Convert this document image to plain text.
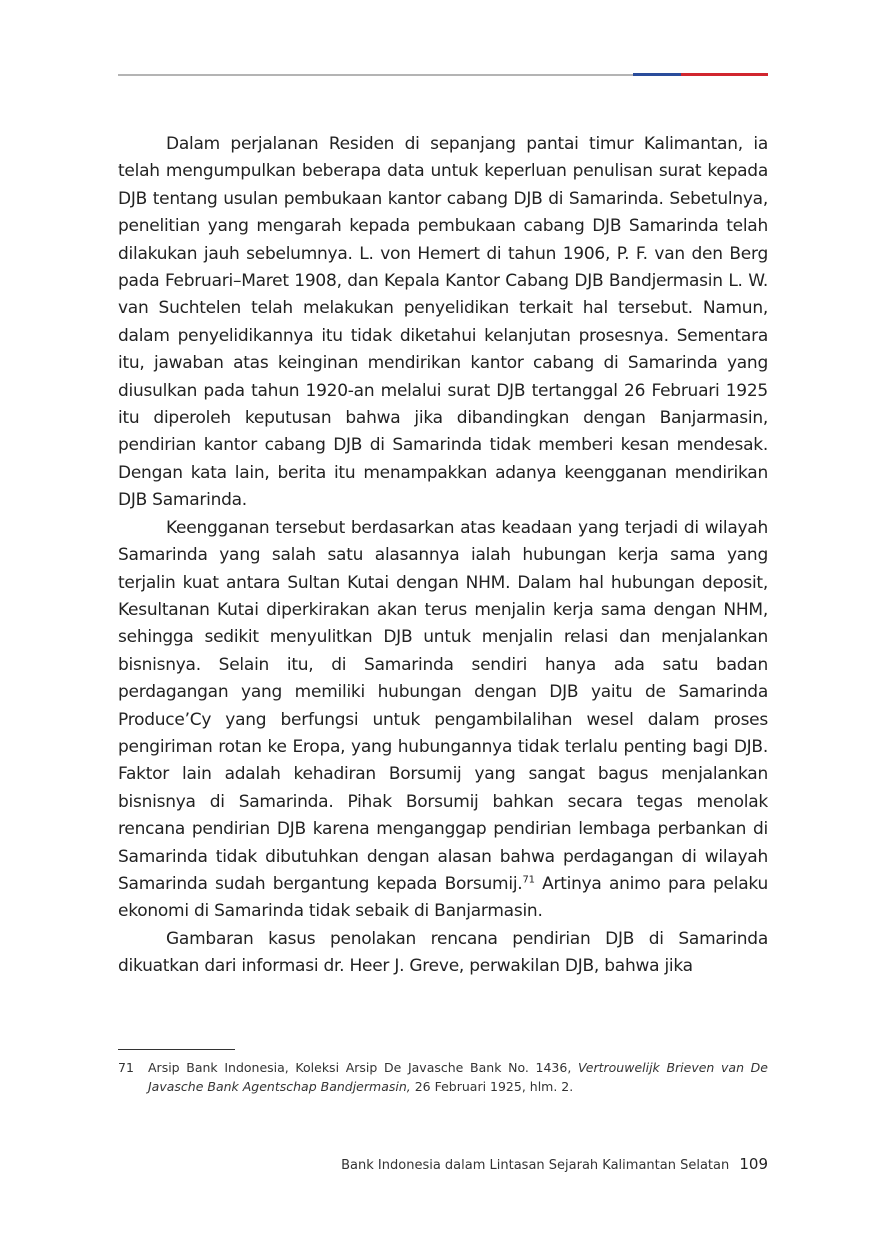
Dalam perjalanan Residen di sepanjang pantai timur Kalimantan, ia telah mengumpulkan beberapa data untuk keperluan penulisan surat kepada DJB tentang usulan pembukaan kantor cabang DJB di Samarinda. Sebetulnya, penelitian yang mengarah kepada pembukaan cabang DJB Samarinda telah dilakukan jauh sebelumnya. L. von Hemert di tahun 1906, P. F. van den Berg pada Februari–Maret 1908, dan Kepala Kantor Cabang DJB Bandjermasin L. W. van Suchtelen telah melakukan penyelidikan terkait hal tersebut. Namun, dalam penyelidikannya itu tidak diketahui kelanjutan prosesnya. Sementara itu, jawaban atas keinginan mendirikan kantor cabang di Samarinda yang diusulkan pada tahun 1920-an melalui surat DJB tertanggal 26 Februari 1925 itu diperoleh keputusan bahwa jika dibandingkan dengan Banjarmasin, pendirian kantor cabang DJB di Samarinda tidak memberi kesan mendesak. Dengan kata lain, berita itu menampakkan adanya keengganan mendirikan DJB Samarinda.

Keengganan tersebut berdasarkan atas keadaan yang terjadi di wilayah Samarinda yang salah satu alasannya ialah hubungan kerja sama yang terjalin kuat antara Sultan Kutai dengan NHM. Dalam hal hubungan deposit, Kesultanan Kutai diperkirakan akan terus menjalin kerja sama dengan NHM, sehingga sedikit menyulitkan DJB untuk menjalin relasi dan menjalankan bisnisnya. Selain itu, di Samarinda sendiri hanya ada satu badan perdagangan yang memiliki hubungan dengan DJB yaitu de Samarinda Produce’Cy yang berfungsi untuk pengambilalihan wesel dalam proses pengiriman rotan ke Eropa, yang hubungannya tidak terlalu penting bagi DJB. Faktor lain adalah kehadiran Borsumij yang sangat bagus menjalankan bisnisnya di Samarinda. Pihak Borsumij bahkan secara tegas menolak rencana pendirian DJB karena menganggap pendirian lembaga perbankan di Samarinda tidak dibutuhkan dengan alasan bahwa perdagangan di wilayah Samarinda sudah bergantung kepada Borsumij.$^{71}$ Artinya animo para pelaku ekonomi di Samarinda tidak sebaik di Banjarmasin.

Gambaran kasus penolakan rencana pendirian DJB di Samarinda dikuatkan dari informasi dr. Heer J. Greve, perwakilan DJB, bahwa jika

71	Arsip Bank Indonesia, Koleksi Arsip De Javasche Bank No. 1436, Vertrouwelijk Brieven van De Javasche Bank Agentschap Bandjermasin, 26 Februari 1925, hlm. 2.
Bank Indonesia dalam Lintasan Sejarah Kalimantan Selatan 109
